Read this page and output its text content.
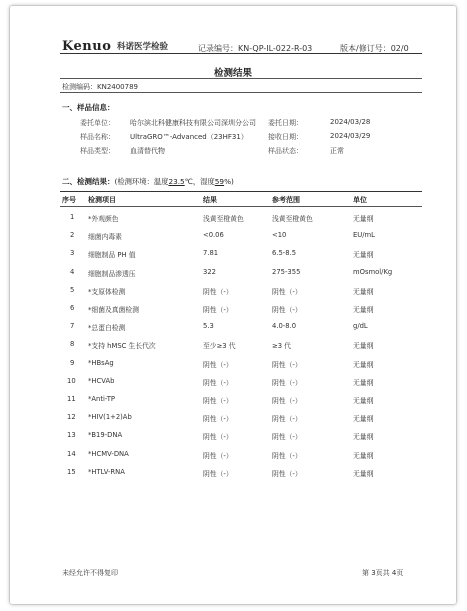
Kenuo 科诺医学检验	记录编号：KN-QP-IL-022-R-03	版本/修订号：02/0
检测结果
检测编码：KN2400789
一、样品信息：
委托单位： 哈尔滨北科健康科技有限公司深圳分公司 委托日期：	2024/03/28
样品名称： UltraGRO™-Advanced（23HF31）	接收日期：	2024/03/29
样品类型： 血清替代物	样品状态：	正常
二、检测结果：(检测环境：温度23.5℃，湿度59%)
序号 检测项目	结果	参考范围	单位
1 *外观颜色	浅黄至橙黄色	浅黄至橙黄色	无量纲
2 细菌内毒素	<0.06	<10	EU/mL
3 细胞制品 PH 值	7.81	6.5-8.5	无量纲
4 细胞制品渗透压	322	275-355	mOsmol/Kg
5 *支原体检测	阴性（-）	阴性（-）	无量纲
6 *细菌及真菌检测	阴性（-）	阴性（-）	无量纲
7 *总蛋白检测	5.3	4.0-8.0	g/dL
8 *支持 hMSC 生长代次	至少≥3 代	≥3 代	无量纲
9 *HBsAg	阴性（-）	阴性（-）	无量纲
10 *HCVAb	阴性（-）	阴性（-）	无量纲
11 *Anti-TP	阴性（-）	阴性（-）	无量纲
12 *HIV(1+2)Ab	阴性（-）	阴性（-）	无量纲
13 *B19-DNA	阴性（-）	阴性（-）	无量纲
14 *HCMV-DNA	阴性（-）	阴性（-）	无量纲
15 *HTLV-RNA	阴性（-）	阴性（-）	无量纲
未经允许不得复印	第 3页共 4页
